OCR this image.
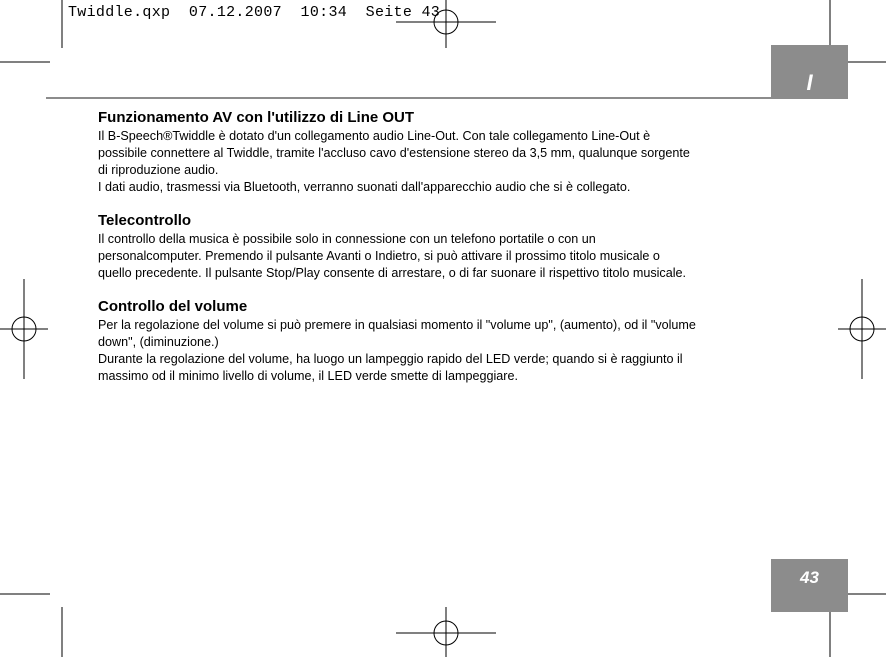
Twiddle.qxp  07.12.2007  10:34  Seite 43
I
43
Funzionamento AV con l'utilizzo di Line OUT

Il B-Speech®Twiddle è dotato d'un collegamento audio Line-Out. Con tale collegamento Line-Out è

possibile connettere al Twiddle, tramite l'accluso cavo d'estensione stereo da 3,5 mm, qualunque sorgente

di riproduzione audio.

I dati audio, trasmessi via Bluetooth, verranno suonati dall'apparecchio audio che si è collegato.

Telecontrollo

Il controllo della musica è possibile solo in connessione con un telefono portatile o con un

personalcomputer. Premendo il pulsante Avanti o Indietro, si può attivare il prossimo titolo musicale o

quello precedente. Il pulsante Stop/Play consente di arrestare, o di far suonare il rispettivo titolo musicale.

Controllo del volume

Per la regolazione del volume si può premere in qualsiasi momento il "volume up", (aumento), od il "volume

down", (diminuzione.)

Durante la regolazione del volume, ha luogo un lampeggio rapido del LED verde; quando si è raggiunto il

massimo od il minimo livello di volume, il LED verde smette di lampeggiare.
